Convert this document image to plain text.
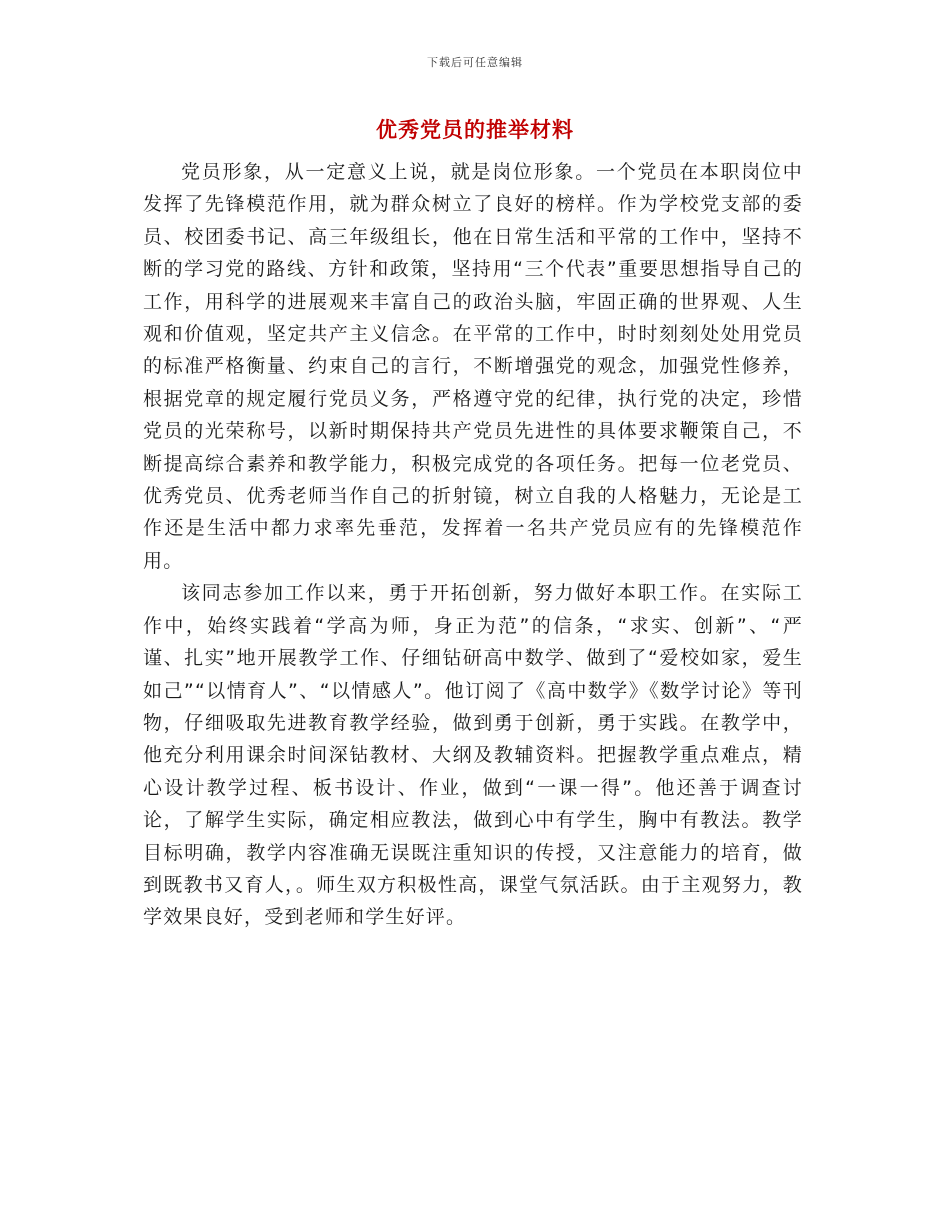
下载后可任意编辑
优秀党员的推举材料

党员形象，从一定意义上说，就是岗位形象。一个党员在本职岗位中发挥了先锋模范作用，就为群众树立了良好的榜样。作为学校党支部的委员、校团委书记、高三年级组长，他在日常生活和平常的工作中，坚持不断的学习党的路线、方针和政策，坚持用“三个代表”重要思想指导自己的工作，用科学的进展观来丰富自己的政治头脑，牢固正确的世界观、人生观和价值观，坚定共产主义信念。在平常的工作中，时时刻刻处处用党员的标准严格衡量、约束自己的言行，不断增强党的观念，加强党性修养，根据党章的规定履行党员义务，严格遵守党的纪律，执行党的决定，珍惜党员的光荣称号，以新时期保持共产党员先进性的具体要求鞭策自己，不断提高综合素养和教学能力，积极完成党的各项任务。把每一位老党员、优秀党员、优秀老师当作自己的折射镜，树立自我的人格魅力，无论是工作还是生活中都力求率先垂范，发挥着一名共产党员应有的先锋模范作用。

该同志参加工作以来，勇于开拓创新，努力做好本职工作。在实际工作中，始终实践着“学高为师，身正为范”的信条，“求实、创新”、“严谨、扎实”地开展教学工作、仔细钻研高中数学、做到了“爱校如家，爱生如己”“以情育人”、“以情感人”。他订阅了《高中数学》《数学讨论》等刊物，仔细吸取先进教育教学经验，做到勇于创新，勇于实践。在教学中，他充分利用课余时间深钻教材、大纲及教辅资料。把握教学重点难点，精心设计教学过程、板书设计、作业，做到“一课一得”。他还善于调查讨论，了解学生实际，确定相应教法，做到心中有学生，胸中有教法。教学目标明确，教学内容准确无误既注重知识的传授，又注意能力的培育，做到既教书又育人，。师生双方积极性高，课堂气氛活跃。由于主观努力，教学效果良好，受到老师和学生好评。
